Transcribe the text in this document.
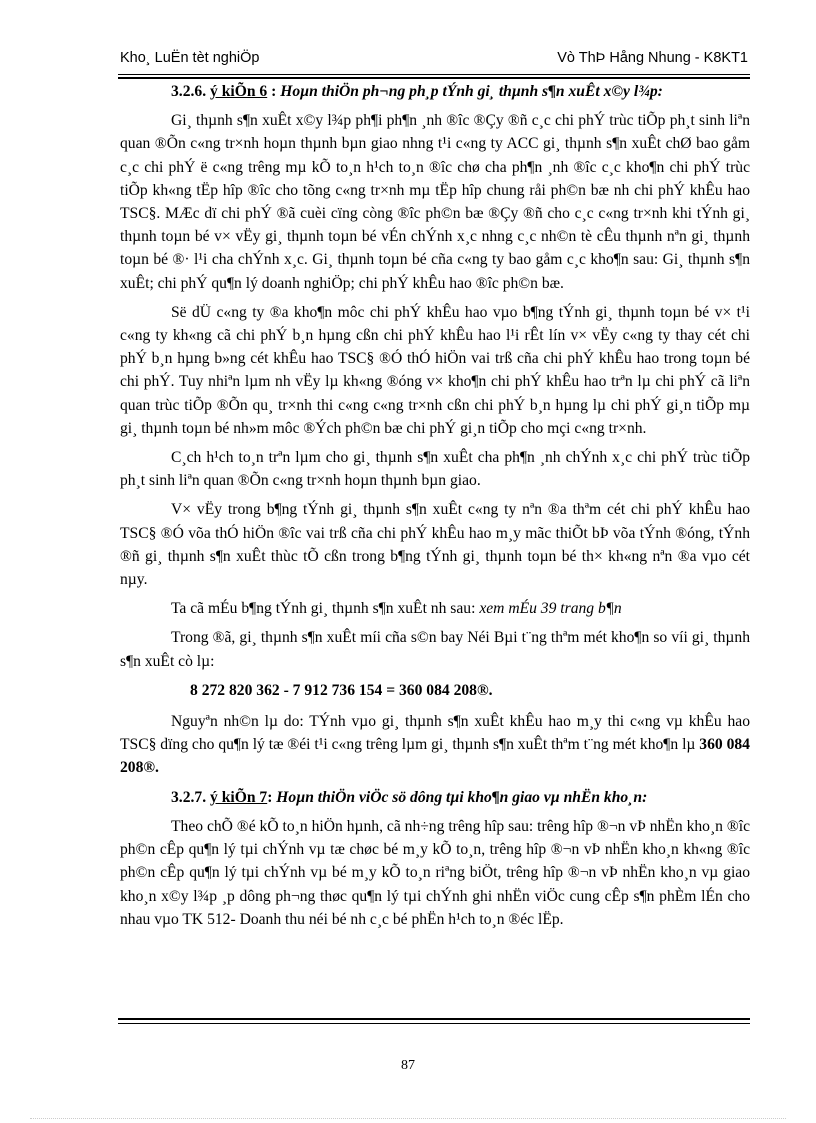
Kho¸ LuËn tèt nghiÖp	Vò ThÞ Hång Nhung - K8KT1

3.2.6. ý kiÕn 6 : Hoµn thiÖn ph¬ng ph¸p tÝnh gi¸ thµnh s¶n xuÊt x©y l¾p:

Gi¸ thµnh s¶n xuÊt x©y l¾p ph¶i ph¶n ¸nh ®îc ®Çy ®ñ c¸c chi phÝ trùc tiÕp ph¸t sinh liªn quan ®Õn c«ng tr×nh hoµn thµnh bµn giao nhng t¹i c«ng ty ACC gi¸ thµnh s¶n xuÊt chØ bao gåm c¸c chi phÝ ë c«ng trêng mµ kÕ to¸n h¹ch to¸n ®îc chø cha ph¶n ¸nh ®îc c¸c kho¶n chi phÝ trùc tiÕp kh«ng tËp hîp ®îc cho tõng c«ng tr×nh mµ tËp hîp chung råi ph©n bæ nh chi phÝ khÊu hao TSC§. MÆc dï chi phÝ ®ã cuèi cïng còng ®îc ph©n bæ ®Çy ®ñ cho c¸c c«ng tr×nh khi tÝnh gi¸ thµnh toµn bé v× vËy gi¸ thµnh toµn bé vÉn chÝnh x¸c nhng c¸c nh©n tè cÊu thµnh nªn gi¸ thµnh toµn bé ®· l¹i cha chÝnh x¸c. Gi¸ thµnh toµn bé cña c«ng ty bao gåm c¸c kho¶n sau: Gi¸ thµnh s¶n xuÊt; chi phÝ qu¶n lý doanh nghiÖp; chi phÝ khÊu hao ®îc ph©n bæ.

Së dÜ c«ng ty ®a kho¶n môc chi phÝ khÊu hao vµo b¶ng tÝnh gi¸ thµnh toµn bé v× t¹i c«ng ty kh«ng cã chi phÝ b¸n hµng cßn chi phÝ khÊu hao l¹i rÊt lín v× vËy c«ng ty thay cét chi phÝ b¸n hµng b»ng cét khÊu hao TSC§ ®Ó thÓ hiÖn vai trß cña chi phÝ khÊu hao trong toµn bé chi phÝ. Tuy nhiªn lµm nh vËy lµ kh«ng ®óng v× kho¶n chi phÝ khÊu hao trªn lµ chi phÝ cã liªn quan trùc tiÕp ®Õn qu¸ tr×nh thi c«ng c«ng tr×nh cßn chi phÝ b¸n hµng lµ chi phÝ gi¸n tiÕp mµ gi¸ thµnh toµn bé nh»m môc ®Ých ph©n bæ chi phÝ gi¸n tiÕp cho mçi c«ng tr×nh.

C¸ch h¹ch to¸n trªn lµm cho gi¸ thµnh s¶n xuÊt cha ph¶n ¸nh chÝnh x¸c chi phÝ trùc tiÕp ph¸t sinh liªn quan ®Õn c«ng tr×nh hoµn thµnh bµn giao.

V× vËy trong b¶ng tÝnh gi¸ thµnh s¶n xuÊt c«ng ty nªn ®a thªm cét chi phÝ khÊu hao TSC§ ®Ó võa thÓ hiÖn ®îc vai trß cña chi phÝ khÊu hao m¸y mãc thiÕt bÞ võa tÝnh ®óng, tÝnh ®ñ gi¸ thµnh s¶n xuÊt thùc tÕ cßn trong b¶ng tÝnh gi¸ thµnh toµn bé th× kh«ng nªn ®a vµo cét nµy.

Ta cã mÉu b¶ng tÝnh gi¸ thµnh s¶n xuÊt nh sau: xem mÉu 39 trang b¶n

Trong ®ã, gi¸ thµnh s¶n xuÊt míi cña s©n bay Néi Bµi t¨ng thªm mét kho¶n so víi gi¸ thµnh s¶n xuÊt cò lµ:

8 272 820 362 - 7 912 736 154 = 360 084 208®.

Nguyªn nh©n lµ do: TÝnh vµo gi¸ thµnh s¶n xuÊt khÊu hao m¸y thi c«ng vµ khÊu hao TSC§ dïng cho qu¶n lý tæ ®éi t¹i c«ng trêng lµm gi¸ thµnh s¶n xuÊt thªm t¨ng mét kho¶n lµ 360 084 208®.

3.2.7. ý kiÕn 7: Hoµn thiÖn viÖc sö dông tµi kho¶n giao vµ nhËn kho¸n:

Theo chÕ ®é kÕ to¸n hiÖn hµnh, cã nh÷ng trêng hîp sau: trêng hîp ®¬n vÞ nhËn kho¸n ®îc ph©n cÊp qu¶n lý tµi chÝnh vµ tæ chøc bé m¸y kÕ to¸n, trêng hîp ®¬n vÞ nhËn kho¸n kh«ng ®îc ph©n cÊp qu¶n lý tµi chÝnh vµ bé m¸y kÕ to¸n riªng biÖt, trêng hîp ®¬n vÞ nhËn kho¸n vµ giao kho¸n x©y l¾p ¸p dông ph¬ng thøc qu¶n lý tµi chÝnh ghi nhËn viÖc cung cÊp s¶n phÈm lÉn cho nhau vµo TK 512- Doanh thu néi bé nh c¸c bé phËn h¹ch to¸n ®éc lËp.

87
